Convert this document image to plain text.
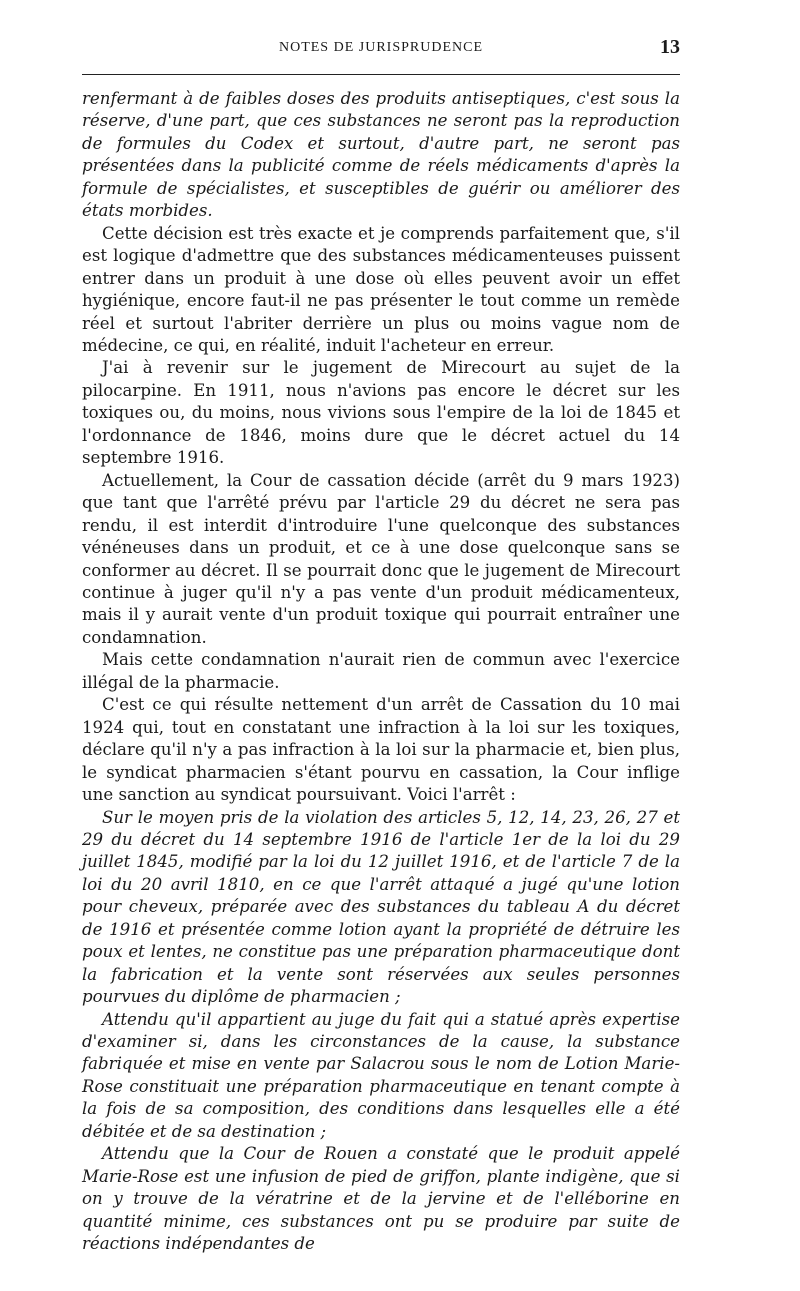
NOTES DE JURISPRUDENCE	13

renfermant à de faibles doses des produits antiseptiques, c'est sous la réserve, d'une part, que ces substances ne seront pas la reproduction de formules du Codex et surtout, d'autre part, ne seront pas présentées dans la publicité comme de réels médicaments d'après la formule de spécialistes, et susceptibles de guérir ou améliorer des états morbides.

Cette décision est très exacte et je comprends parfaitement que, s'il est logique d'admettre que des substances médicamenteuses puissent entrer dans un produit à une dose où elles peuvent avoir un effet hygiénique, encore faut-il ne pas présenter le tout comme un remède réel et surtout l'abriter derrière un plus ou moins vague nom de médecine, ce qui, en réalité, induit l'acheteur en erreur.

J'ai à revenir sur le jugement de Mirecourt au sujet de la pilocarpine. En 1911, nous n'avions pas encore le décret sur les toxiques ou, du moins, nous vivions sous l'empire de la loi de 1845 et l'ordonnance de 1846, moins dure que le décret actuel du 14 septembre 1916.

Actuellement, la Cour de cassation décide (arrêt du 9 mars 1923) que tant que l'arrêté prévu par l'article 29 du décret ne sera pas rendu, il est interdit d'introduire l'une quelconque des substances vénéneuses dans un produit, et ce à une dose quelconque sans se conformer au décret. Il se pourrait donc que le jugement de Mirecourt continue à juger qu'il n'y a pas vente d'un produit médicamenteux, mais il y aurait vente d'un produit toxique qui pourrait entraîner une condamnation.

Mais cette condamnation n'aurait rien de commun avec l'exercice illégal de la pharmacie.

C'est ce qui résulte nettement d'un arrêt de Cassation du 10 mai 1924 qui, tout en constatant une infraction à la loi sur les toxiques, déclare qu'il n'y a pas infraction à la loi sur la pharmacie et, bien plus, le syndicat pharmacien s'étant pourvu en cassation, la Cour inflige une sanction au syndicat poursuivant. Voici l'arrêt :

Sur le moyen pris de la violation des articles 5, 12, 14, 23, 26, 27 et 29 du décret du 14 septembre 1916 de l'article 1er de la loi du 29 juillet 1845, modifié par la loi du 12 juillet 1916, et de l'article 7 de la loi du 20 avril 1810, en ce que l'arrêt attaqué a jugé qu'une lotion pour cheveux, préparée avec des substances du tableau A du décret de 1916 et présentée comme lotion ayant la propriété de détruire les poux et lentes, ne constitue pas une préparation pharmaceutique dont la fabrication et la vente sont réservées aux seules personnes pourvues du diplôme de pharmacien ;

Attendu qu'il appartient au juge du fait qui a statué après expertise d'examiner si, dans les circonstances de la cause, la substance fabriquée et mise en vente par Salacrou sous le nom de Lotion Marie-Rose constituait une préparation pharmaceutique en tenant compte à la fois de sa composition, des conditions dans lesquelles elle a été débitée et de sa destination ;

Attendu que la Cour de Rouen a constaté que le produit appelé Marie-Rose est une infusion de pied de griffon, plante indigène, que si on y trouve de la vératrine et de la jervine et de l'elléborine en quantité minime, ces substances ont pu se produire par suite de réactions indépendantes de
